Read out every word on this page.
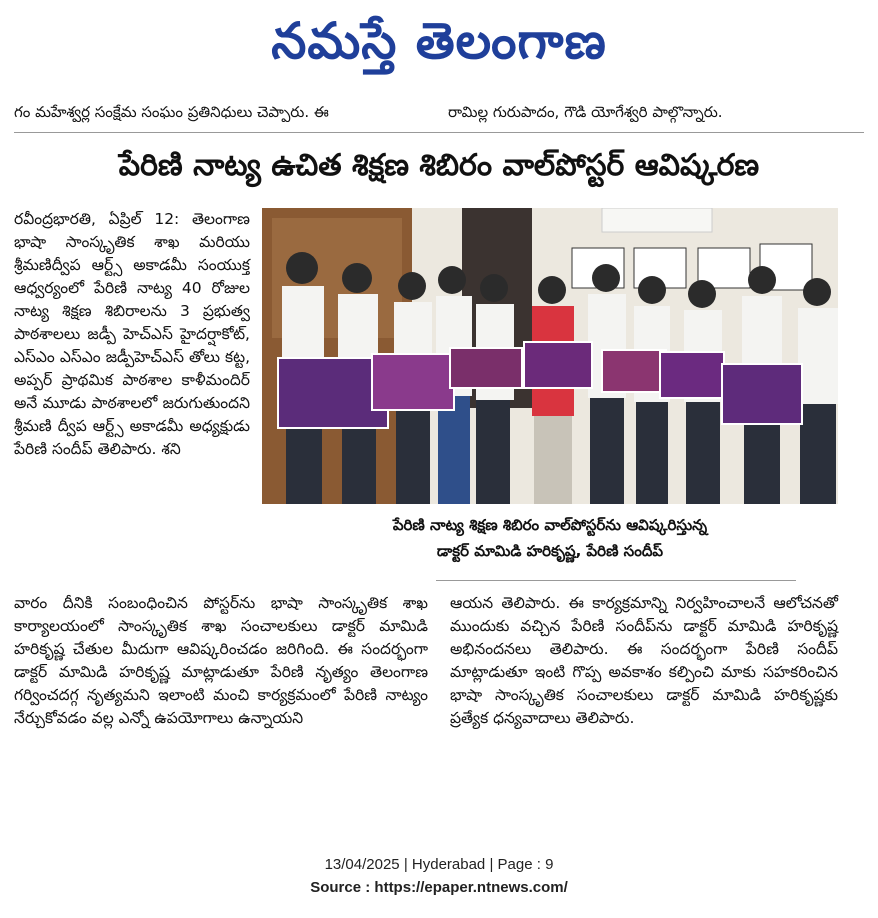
నమస్తే తెలంగాణ
గం మహేశ్వర్ల సంక్షేమ సంఘం ప్రతినిధులు చెప్పారు. ఈ	రామిల్ల గురుపాదం, గౌడి యోగేశ్వరి పాల్గొన్నారు.
పేరిణి నాట్య ఉచిత శిక్షణ శిబిరం వాల్‌పోస్టర్ ఆవిష్కరణ

రవీంద్రభారతి, ఏప్రిల్ 12: తెలంగాణ భాషా సాంస్కృతిక శాఖ మరియు శ్రీమణిద్వీప ఆర్ట్స్ అకాడమీ సంయుక్త ఆధ్వర్యంలో పేరిణి నాట్య 40 రోజుల నాట్య శిక్షణ శిబిరాలను 3 ప్రభుత్వ పాఠశాలలు జడ్పీ హెచ్‌ఎస్ హైదర్షాకోట్, ఎస్ఎం ఎస్ఎం జడ్పీహెచ్‌ఎస్ తోలు కట్ట, అప్పర్ ప్రాథమిక పాఠశాల కాళీమందిర్ అనే మూడు పాఠశాలలో జరుగుతుందని శ్రీమణి ద్వీప ఆర్ట్స్ అకాడమీ అధ్యక్షుడు పేరిణి సందీప్ తెలిపారు. శని

పేరిణి నాట్య శిక్షణ శిబిరం వాల్‌పోస్టర్‌ను ఆవిష్కరిస్తున్న
డాక్టర్ మామిడి హరికృష్ణ, పేరిణి సందీప్

వారం దీనికి సంబంధించిన పోస్టర్‌ను భాషా సాంస్కృతిక శాఖ కార్యాలయంలో సాంస్కృతిక శాఖ సంచాలకులు డాక్టర్ మామిడి హరికృష్ణ చేతుల మీదుగా ఆవిష్కరించడం జరిగింది. ఈ సందర్భంగా డాక్టర్ మామిడి హరికృష్ణ మాట్లాడుతూ పేరిణి నృత్యం తెలంగాణ గర్వించదగ్గ నృత్యమని ఇలాంటి మంచి కార్యక్రమంలో పేరిణి నాట్యం నేర్చుకోవడం వల్ల ఎన్నో ఉపయోగాలు ఉన్నాయని

ఆయన తెలిపారు. ఈ కార్యక్రమాన్ని నిర్వహించాలనే ఆలోచనతో ముందుకు వచ్చిన పేరిణి సందీప్‌ను డాక్టర్ మామిడి హరికృష్ణ అభినందనలు తెలిపారు. ఈ సందర్భంగా పేరిణి సందీప్ మాట్లాడుతూ ఇంటి గొప్ప అవకాశం కల్పించి మాకు సహకరించిన భాషా సాంస్కృతిక సంచాలకులు డాక్టర్ మామిడి హరికృష్ణకు ప్రత్యేక ధన్యవాదాలు తెలిపారు.

13/04/2025 | Hyderabad | Page : 9
Source : https://epaper.ntnews.com/
